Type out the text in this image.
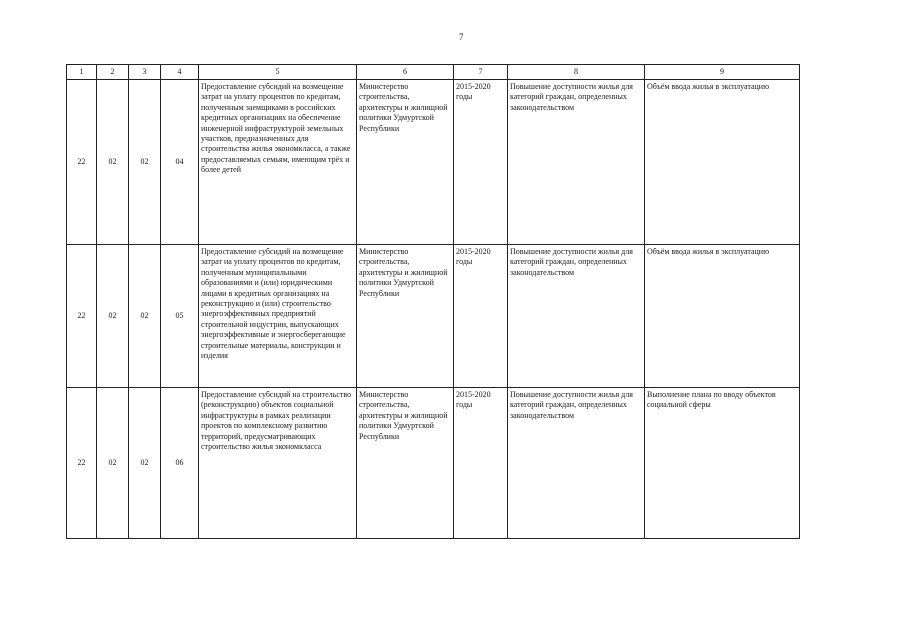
7
1	2	3	4	5	6	7	8	9
22	02	02	04	Предоставление субсидий на возмещение затрат на уплату процентов по кредитам, полученным заемщиками в российских кредитных организациях на обеспечение инженерной инфраструктурой земельных участков, предназначенных для строительства жилья экономкласса, а также предоставляемых семьям, имеющим трёх и более детей	Министерство строительства, архитектуры и жилищной политики Удмуртской Республики	2015-2020 годы	Повышение доступности жилья для категорий граждан, определенных законодательством	Объём ввода жилья в эксплуатацию
22	02	02	05	Предоставление субсидий на возмещение затрат на уплату процентов по кредитам, полученным муниципальными образованиями и (или) юридическими лицами в кредитных организациях на реконструкцию и (или) строительство энергоэффективных предприятий строительной индустрии, выпускающих энергоэффективные и энергосберегающие строительные материалы, конструкции и изделия	Министерство строительства, архитектуры и жилищной политики Удмуртской Республики	2015-2020 годы	Повышение доступности жилья для категорий граждан, определенных законодательством	Объём ввода жилья в эксплуатацию
22	02	02	06	Предоставление субсидий на строительство (реконструкцию) объектов социальной инфраструктуры в рамках реализации проектов по комплексному развитию территорий, предусматривающих строительство жилья экономкласса	Министерство строительства, архитектуры и жилищной политики Удмуртской Республики	2015-2020 годы	Повышение доступности жилья для категорий граждан, определенных законодательством	Выполнение плана по вводу объектов социальной сферы
